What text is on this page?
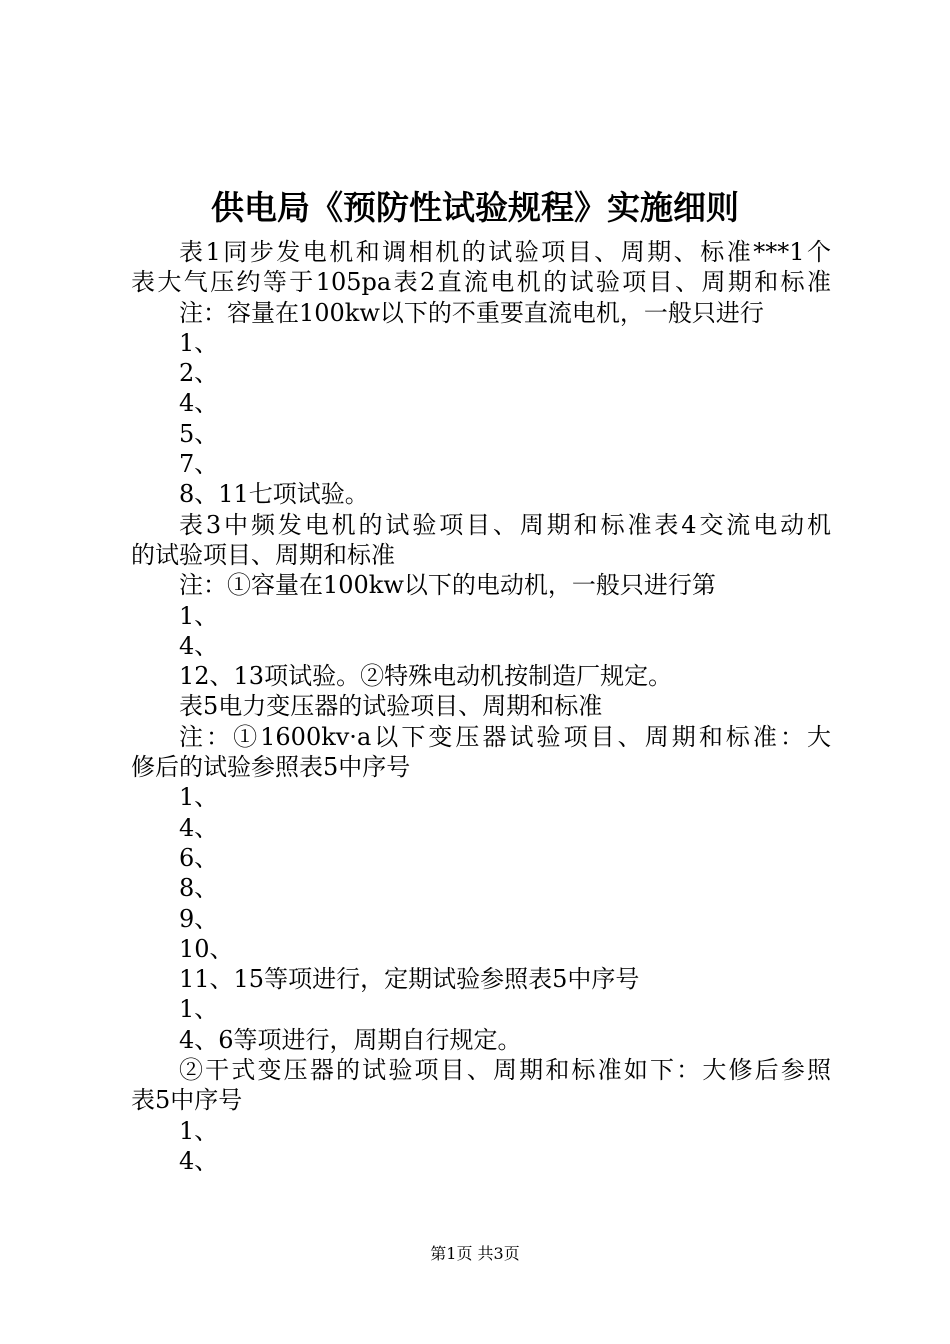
供电局《预防性试验规程》实施细则

表1同步发电机和调相机的试验项目、周期、标准***1个

表大气压约等于105pa表2直流电机的试验项目、周期和标准

注：容量在100kw以下的不重要直流电机，一般只进行

1、

2、

4、

5、

7、

8、11七项试验。

表3中频发电机的试验项目、周期和标准表4交流电动机

的试验项目、周期和标准

注：①容量在100kw以下的电动机，一般只进行第

1、

4、

12、13项试验。②特殊电动机按制造厂规定。

表5电力变压器的试验项目、周期和标准

注：①1600kv·a以下变压器试验项目、周期和标准：大

修后的试验参照表5中序号

1、

4、

6、

8、

9、

10、

11、15等项进行，定期试验参照表5中序号

1、

4、6等项进行，周期自行规定。

②干式变压器的试验项目、周期和标准如下：大修后参照

表5中序号

1、

4、

第1页 共3页
